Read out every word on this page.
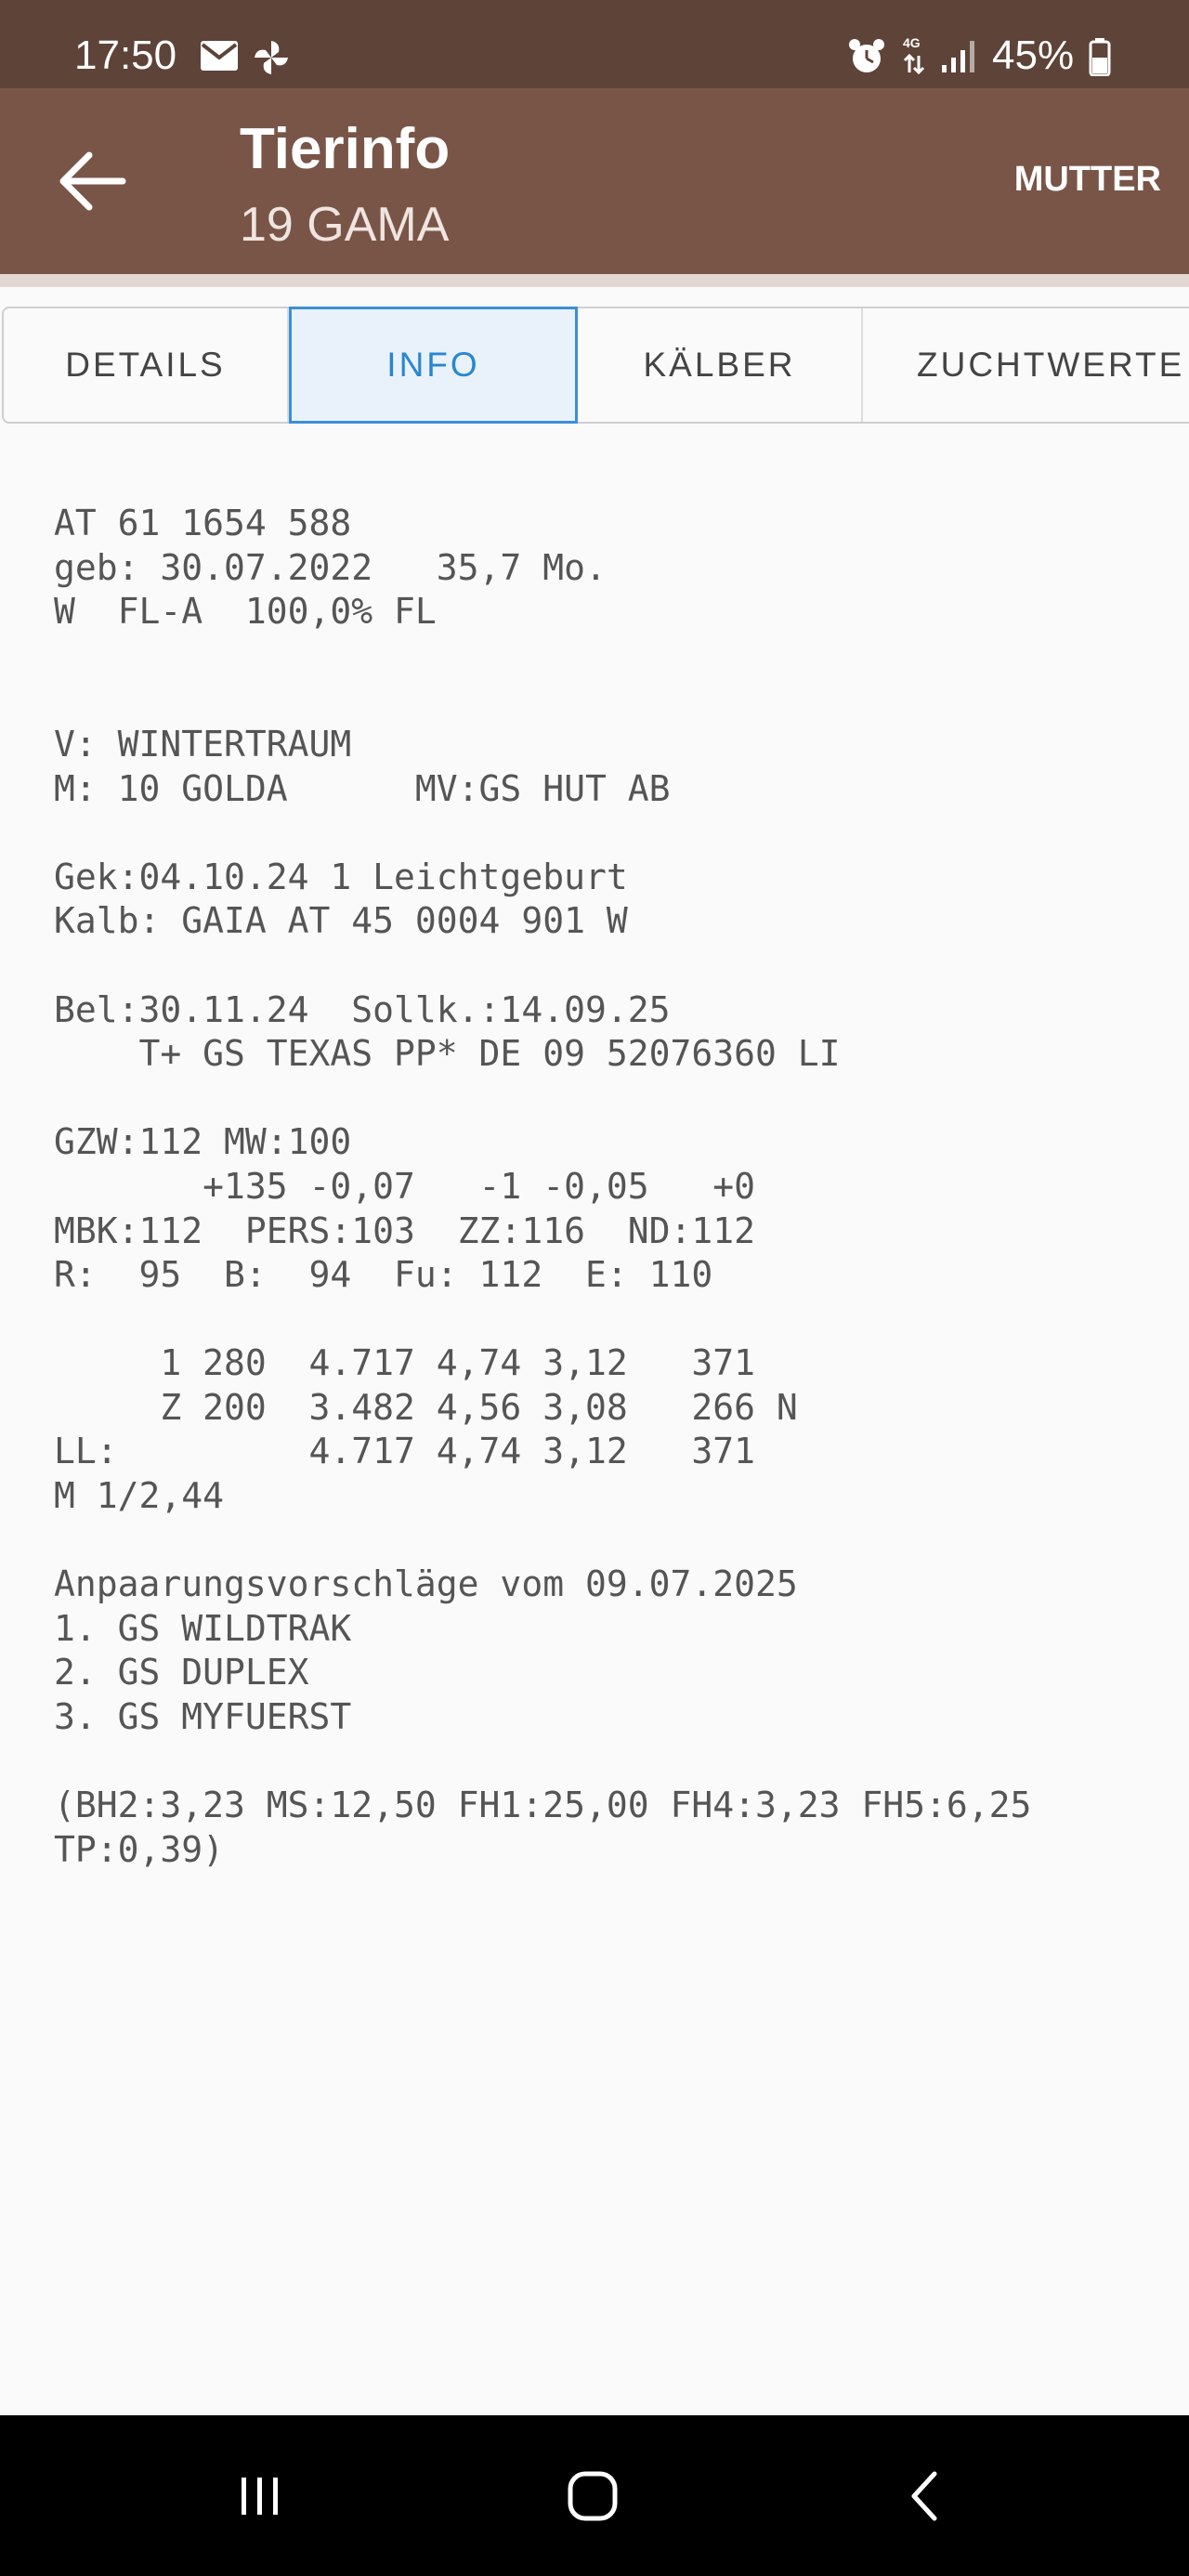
17:50	4G 45%
Tierinfo
19 GAMA
MUTTER
DETAILS	INFO	KÄLBER	ZUCHTWERTE
AT 61 1654 588
geb: 30.07.2022   35,7 Mo.
W  FL-A  100,0% FL
V: WINTERTRAUM
M: 10 GOLDA      MV:GS HUT AB
Gek:04.10.24 1 Leichtgeburt
Kalb: GAIA AT 45 0004 901 W
Bel:30.11.24  Sollk.:14.09.25
T+ GS TEXAS PP* DE 09 52076360 LI
GZW:112 MW:100
+135 -0,07   -1 -0,05   +0
MBK:112  PERS:103  ZZ:116  ND:112
R:  95  B:  94  Fu: 112  E: 110
1 280  4.717 4,74 3,12   371
Z 200  3.482 4,56 3,08   266 N
LL:         4.717 4,74 3,12   371
M 1/2,44
Anpaarungsvorschläge vom 09.07.2025
1. GS WILDTRAK
2. GS DUPLEX
3. GS MYFUERST
(BH2:3,23 MS:12,50 FH1:25,00 FH4:3,23 FH5:6,25
TP:0,39)
